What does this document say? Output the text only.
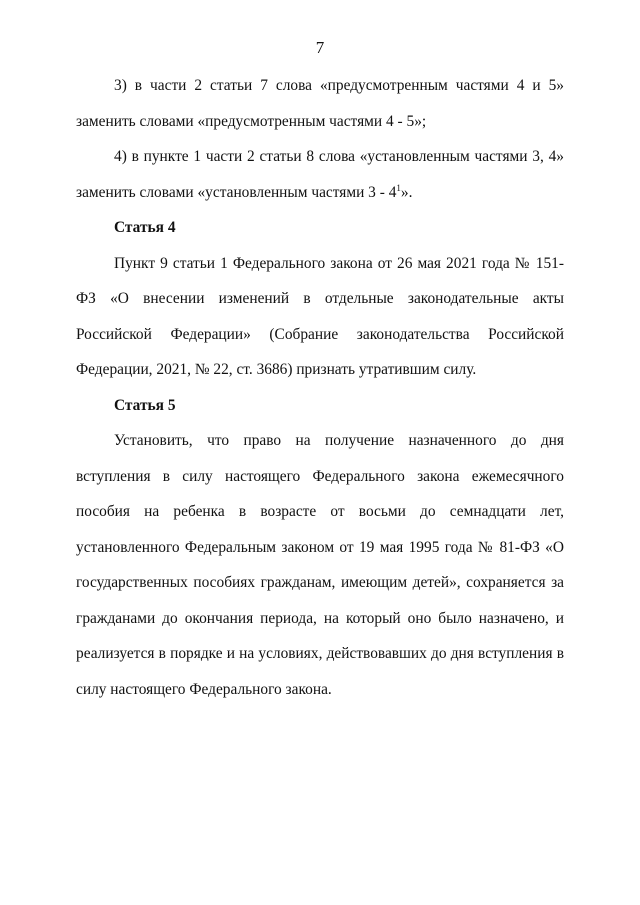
7

3) в части 2 статьи 7 слова «предусмотренным частями 4 и 5» заменить словами «предусмотренным частями 4 - 5»;

4) в пункте 1 части 2 статьи 8 слова «установленным частями 3, 4» заменить словами «установленным частями $3 - 4^1$».

Статья 4

Пункт 9 статьи 1 Федерального закона от 26 мая 2021 года № 151-ФЗ «О внесении изменений в отдельные законодательные акты Российской Федерации» (Собрание законодательства Российской Федерации, 2021, № 22, ст. 3686) признать утратившим силу.

Статья 5

Установить, что право на получение назначенного до дня вступления в силу настоящего Федерального закона ежемесячного пособия на ребенка в возрасте от восьми до семнадцати лет, установленного Федеральным законом от 19 мая 1995 года № 81-ФЗ «О государственных пособиях гражданам, имеющим детей», сохраняется за гражданами до окончания периода, на который оно было назначено, и реализуется в порядке и на условиях, действовавших до дня вступления в силу настоящего Федерального закона.
